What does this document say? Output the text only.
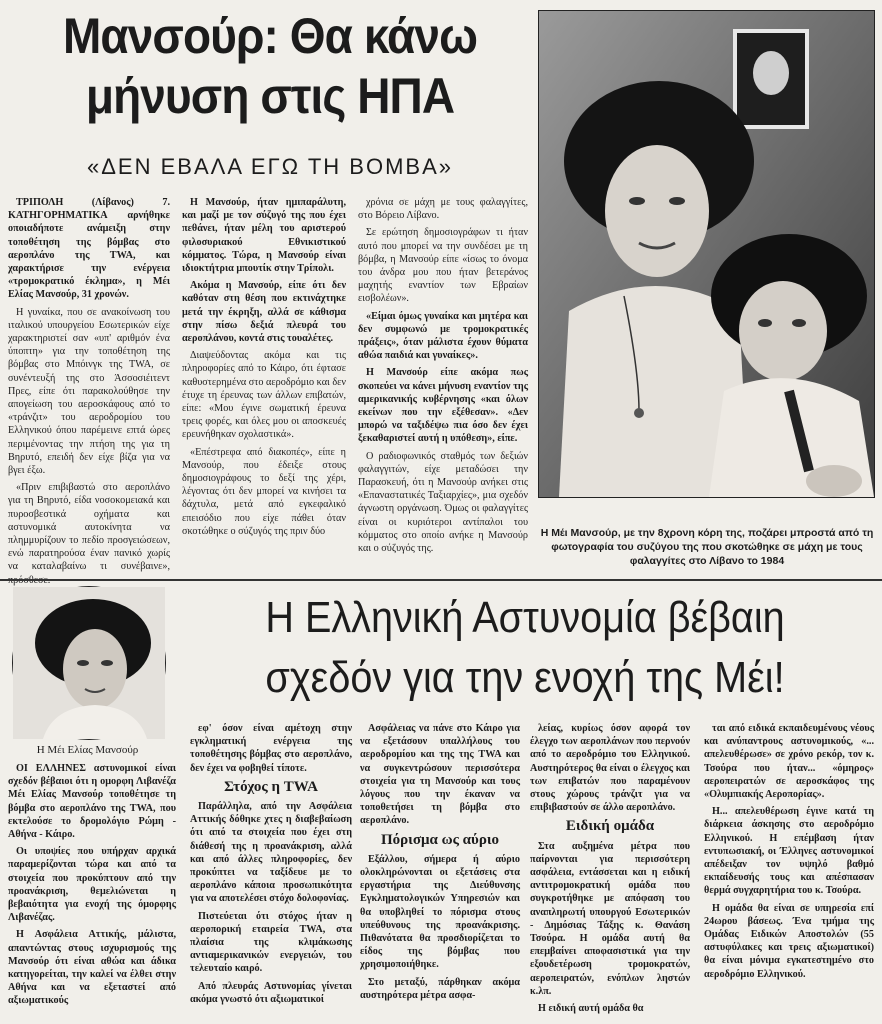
Μανσούρ: Θα κάνω
μήνυση στις ΗΠΑ
«ΔΕΝ ΕΒΑΛΑ ΕΓΩ ΤΗ ΒΟΜΒΑ»

ΤΡΙΠΟΛΗ (Λίβανος) 7. ΚΑΤΗΓΟΡΗΜΑΤΙΚΑ αρνήθηκε οποιαδήποτε ανάμειξη στην τοποθέτηση της βόμβας στο αεροπλάνο της TWA, και χαρακτήρισε την ενέργεια «τρομοκρατικό έκλημα», η Μέι Ελίας Μανσούρ, 31 χρονών.

Η γυναίκα, που σε ανακοίνωση του ιταλικού υπουργείου Εσωτερικών είχε χαρακτηριστεί σαν «υπ' αριθμόν ένα ύποπτη» για την τοποθέτηση της βόμβας στο Μπόινγκ της TWA, σε συνέντευξή της στο Άσσοσιέιτεντ Πρες, είπε ότι παρακολούθησε την απογείωση του αεροσκάφους από το «τράνζιτ» του αεροδρομίου του Ελληνικού όπου παρέμεινε επτά ώρες περιμένοντας την πτήση της για τη Βηρυτό, επειδή δεν είχε βίζα για να βγει έξω.

«Πριν επιβιβαστώ στο αεροπλάνο για τη Βηρυτό, είδα νοσοκομειακά και πυροσβεστικά οχήματα και αστυνομικά αυτοκίνητα να πλημμυρίζουν το πεδίο προσγειώσεων, ενώ παρατηρούσα έναν πανικό χωρίς να καταλαβαίνω τι συνέβαινε»,

Η Μανσούρ, ήταν ημιπαράλυτη, και μαζί με τον σύζυγό της που έχει πεθάνει, ήταν μέλη του αριστερού φιλοσυριακού Εθνικιστικού κόμματος. Τώρα, η Μανσούρ είναι ιδιοκτήτρια μπουτίκ στην Τρίπολι.

Ακόμα η Μανσούρ, είπε ότι δεν καθόταν στη θέση που εκτινάχτηκε μετά την έκρηξη, αλλά σε κάθισμα στην πίσω δεξιά πλευρά του αεροπλάνου, κοντά στις τουαλέτες.

Διαψεύδοντας ακόμα και τις πληροφορίες από το Κάιρο, ότι έφτασε καθυστερημένα στο αεροδρόμιο και δεν έτυχε τη έρευνας των άλλων επιβατών, είπε: «Μου έγινε σωματική έρευνα τρεις φορές, και όλες μου οι αποσκευές ερευνήθηκαν σχολαστικά».

«Επέστρεφα από διακοπές», είπε η Μανσούρ, που έδειξε στους δημοσιογράφους το δεξί της χέρι, λέγοντας ότι δεν μπορεί να κινήσει τα δάχτυλα, μετά από εγκεφαλικό επεισόδιο που είχε πάθει όταν σκοτώθηκε ο σύζυγός της πριν δύο

χρόνια σε μάχη με τους φαλαγγίτες, στο Βόρειο Λίβανο.

Σε ερώτηση δημοσιογράφων τι ήταν αυτό που μπορεί να την συνδέσει με τη βόμβα, η Μανσούρ είπε «ίσως το όνομα του άνδρα μου που ήταν βετεράνος μαχητής εναντίον των Εβραίων εισβολέων».

«Είμαι όμως γυναίκα και μητέρα και δεν συμφωνώ με τρομοκρατικές πράξεις», όταν μάλιστα έχουν θύματα αθώα παιδιά και γυναίκες».

Η Μανσούρ είπε ακόμα πως σκοπεύει να κάνει μήνυση εναντίον της αμερικανικής κυβέρνησης «και όλων εκείνων που την εξέθεσαν». «Δεν μπορώ να ταξιδέψω πια όσο δεν έχει ξεκαθαριστεί αυτή η υπόθεση», είπε.

Ο ραδιοφωνικός σταθμός των δεξιών φαλαγγιτών, είχε μεταδώσει την Παρασκευή, ότι η Μανσούρ ανήκει στις «Επαναστατικές Ταξιαρχίες», μια σχεδόν άγνωστη οργάνωση. Όμως οι φαλαγγίτες είναι οι κυριότεροι αντίπαλοι του κόμματος στο οποίο ανήκε η Μανσούρ και ο σύζυγός της.

Η Μέι Μανσούρ, με την 8χρονη κόρη της, ποζάρει μπροστά από τη φωτογραφία του συζύγου της που σκοτώθηκε σε μάχη με τους φαλαγγίτες στο Λίβανο το 1984
Η Ελληνική Αστυνομία βέβαιη
σχεδόν για την ενοχή της Μέι!
Η Μέι Ελίας Μανσούρ

ΟΙ ΕΛΛΗΝΕΣ αστυνομικοί είναι σχεδόν βέβαιοι ότι η ομορφη Λιβανέζα Μέι Ελίας Μανσούρ τοποθέτησε τη βόμβα στο αεροπλάνο της TWA, που εκτελούσε το δρομολόγιο Ρώμη - Αθήνα - Κάιρο.

Οι υποψίες που υπήρχαν αρχικά παραμερίζονται τώρα και από τα στοιχεία που προκύπτουν από την προανάκριση, θεμελιώνεται η βεβαιότητα για ενοχή της όμορφης Λιβανέζας.

Η Ασφάλεια Αττικής, μάλιστα, απαντώντας στους ισχυρισμούς της Μανσούρ ότι είναι αθώα και άδικα κατηγορείται, την καλεί να έλθει στην Αθήνα και να εξεταστεί από αξιωματικούς

εφ' όσον είναι αμέτοχη στην εγκληματική ενέργεια της τοποθέτησης βόμβας στο αεροπλάνο, δεν έχει να φοβηθεί τίποτε.

Στόχος η TWA

Παράλληλα, από την Ασφάλεια Αττικής δόθηκε χτες η διαβεβαίωση ότι από τα στοιχεία που έχει στη διάθεσή της η προανάκριση, αλλά και από άλλες πληροφορίες, δεν προκύπτει να ταξίδευε με το αεροπλάνο κάποια προσωπικότητα για να αποτελέσει στόχο δολοφονίας.

Πιστεύεται ότι στόχος ήταν η αεροπορική εταιρεία TWA, στα πλαίσια της κλιμάκωσης αντιαμερικανικών ενεργειών, του τελευταίο καιρό.

Από πλευράς Αστυνομίας γίνεται ακόμα γνωστό ότι αξιωματικοί

Ασφάλειας να πάνε στο Κάιρο για να εξετάσουν υπαλλήλους του αεροδρομίου και της της TWA και να συγκεντρώσουν περισσότερα στοιχεία για τη Μανσούρ και τους λόγους που την έκαναν να τοποθετήσει τη βόμβα στο αεροπλάνο.

Πόρισμα ως αύριο

Εξάλλου, σήμερα ή αύριο ολοκληρώνονται οι εξετάσεις στα εργαστήρια της Διεύθυνσης Εγκληματολογικών Υπηρεσιών και θα υποβληθεί το πόρισμα στους υπεύθυνους της προανάκρισης. Πιθανότατα θα προσδιορίζεται το είδος της βόμβας που χρησιμοποιήθηκε.

Στο μεταξύ, πάρθηκαν ακόμα αυστηρότερα μέτρα ασφα-

λείας, κυρίως όσον αφορά τον έλεγχο των αεροπλάνων που περνούν από το αεροδρόμιο του Ελληνικού. Αυστηρότερος θα είναι ο έλεγχος και των επιβατών που παραμένουν στους χώρους τράνζιτ για να επιβιβαστούν σε άλλο αεροπλάνο.

Ειδική ομάδα

Στα αυξημένα μέτρα που παίρνονται για περισσότερη ασφάλεια, εντάσσεται και η ειδική αντιτρομοκρατική ομάδα που συγκροτήθηκε με απόφαση του αναπληρωτή υπουργού Εσωτερικών - Δημόσιας Τάξης κ. Θανάση Τσούρα. Η ομάδα αυτή θα επεμβαίνει αποφασιστικά για την εξουδετέρωση τρομοκρατών, αεροπειρατών, ενόπλων ληστών κ.λπ.

Η ειδική αυτή ομάδα θα

ται από ειδικά εκπαιδευμένους νέους και ανύπαντρους αστυνομικούς, «... απελευθέρωσε» σε χρόνο ρεκόρ, τον κ. Τσούρα που ήταν... «όμηρος» αεροπειρατών σε αεροσκάφος της «Ολυμπιακής Αεροπορίας».

Η... απελευθέρωση έγινε κατά τη διάρκεια άσκησης στο αεροδρόμιο Ελληνικού. Η επέμβαση ήταν εντυπωσιακή, οι Έλληνες αστυνομικοί απέδειξαν τον υψηλό βαθμό εκπαίδευσής τους και απέσπασαν θερμά συγχαρητήρια του κ. Τσούρα.

Η ομάδα θα είναι σε υπηρεσία επί 24ωρου βάσεως. Ένα τμήμα της Ομάδας Ειδικών Αποστολών (55 αστυφύλακες και τρεις αξιωματικοί) θα είναι μόνιμα εγκατεστημένο στο αεροδρόμιο Ελληνικού.
